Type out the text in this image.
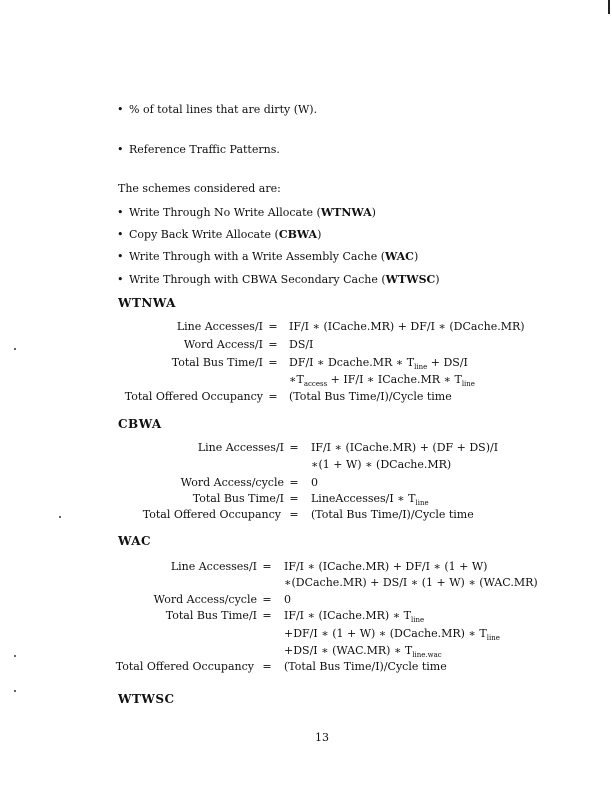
• % of total lines that are dirty (W).
• Reference Traffic Patterns.
The schemes considered are:
• Write Through No Write Allocate (WTNWA)
• Copy Back Write Allocate (CBWA)
• Write Through with a Write Assembly Cache (WAC)
• Write Through with CBWA Secondary Cache (WTWSC)
WTNWA
Line Accesses/I = IF/I ∗ (ICache.MR) + DF/I ∗ (DCache.MR)
Word Access/I = DS/I
Total Bus Time/I = DF/I ∗ Dcache.MR ∗ $T_{line} + DS/I$
$∗T_{access} + IF/I$ ∗ ICache.MR ∗ $T_{line}$
Total Offered Occupancy = (Total Bus Time/I)/Cycle time
CBWA
Line Accesses/I = IF/I ∗ (ICache.MR) + (DF + DS)/I
∗(1 + W) ∗ (DCache.MR)
Word Access/cycle = 0
Total Bus Time/I = LineAccesses/I ∗ $T_{line}$
Total Offered Occupancy = (Total Bus Time/I)/Cycle time
WAC
Line Accesses/I = IF/I ∗ (ICache.MR) + DF/I ∗ (1 + W)
∗(DCache.MR) + DS/I ∗ (1 + W) ∗ (WAC.MR)
Word Access/cycle = 0
Total Bus Time/I = IF/I ∗ (ICache.MR) ∗ $T_{line}$
+DF/I ∗ (1 + W) ∗ (DCache.MR) ∗ $T_{line}$
+DS/I ∗ (WAC.MR) ∗ $T_{line.wac}$
Total Offered Occupancy = (Total Bus Time/I)/Cycle time
WTWSC
13
